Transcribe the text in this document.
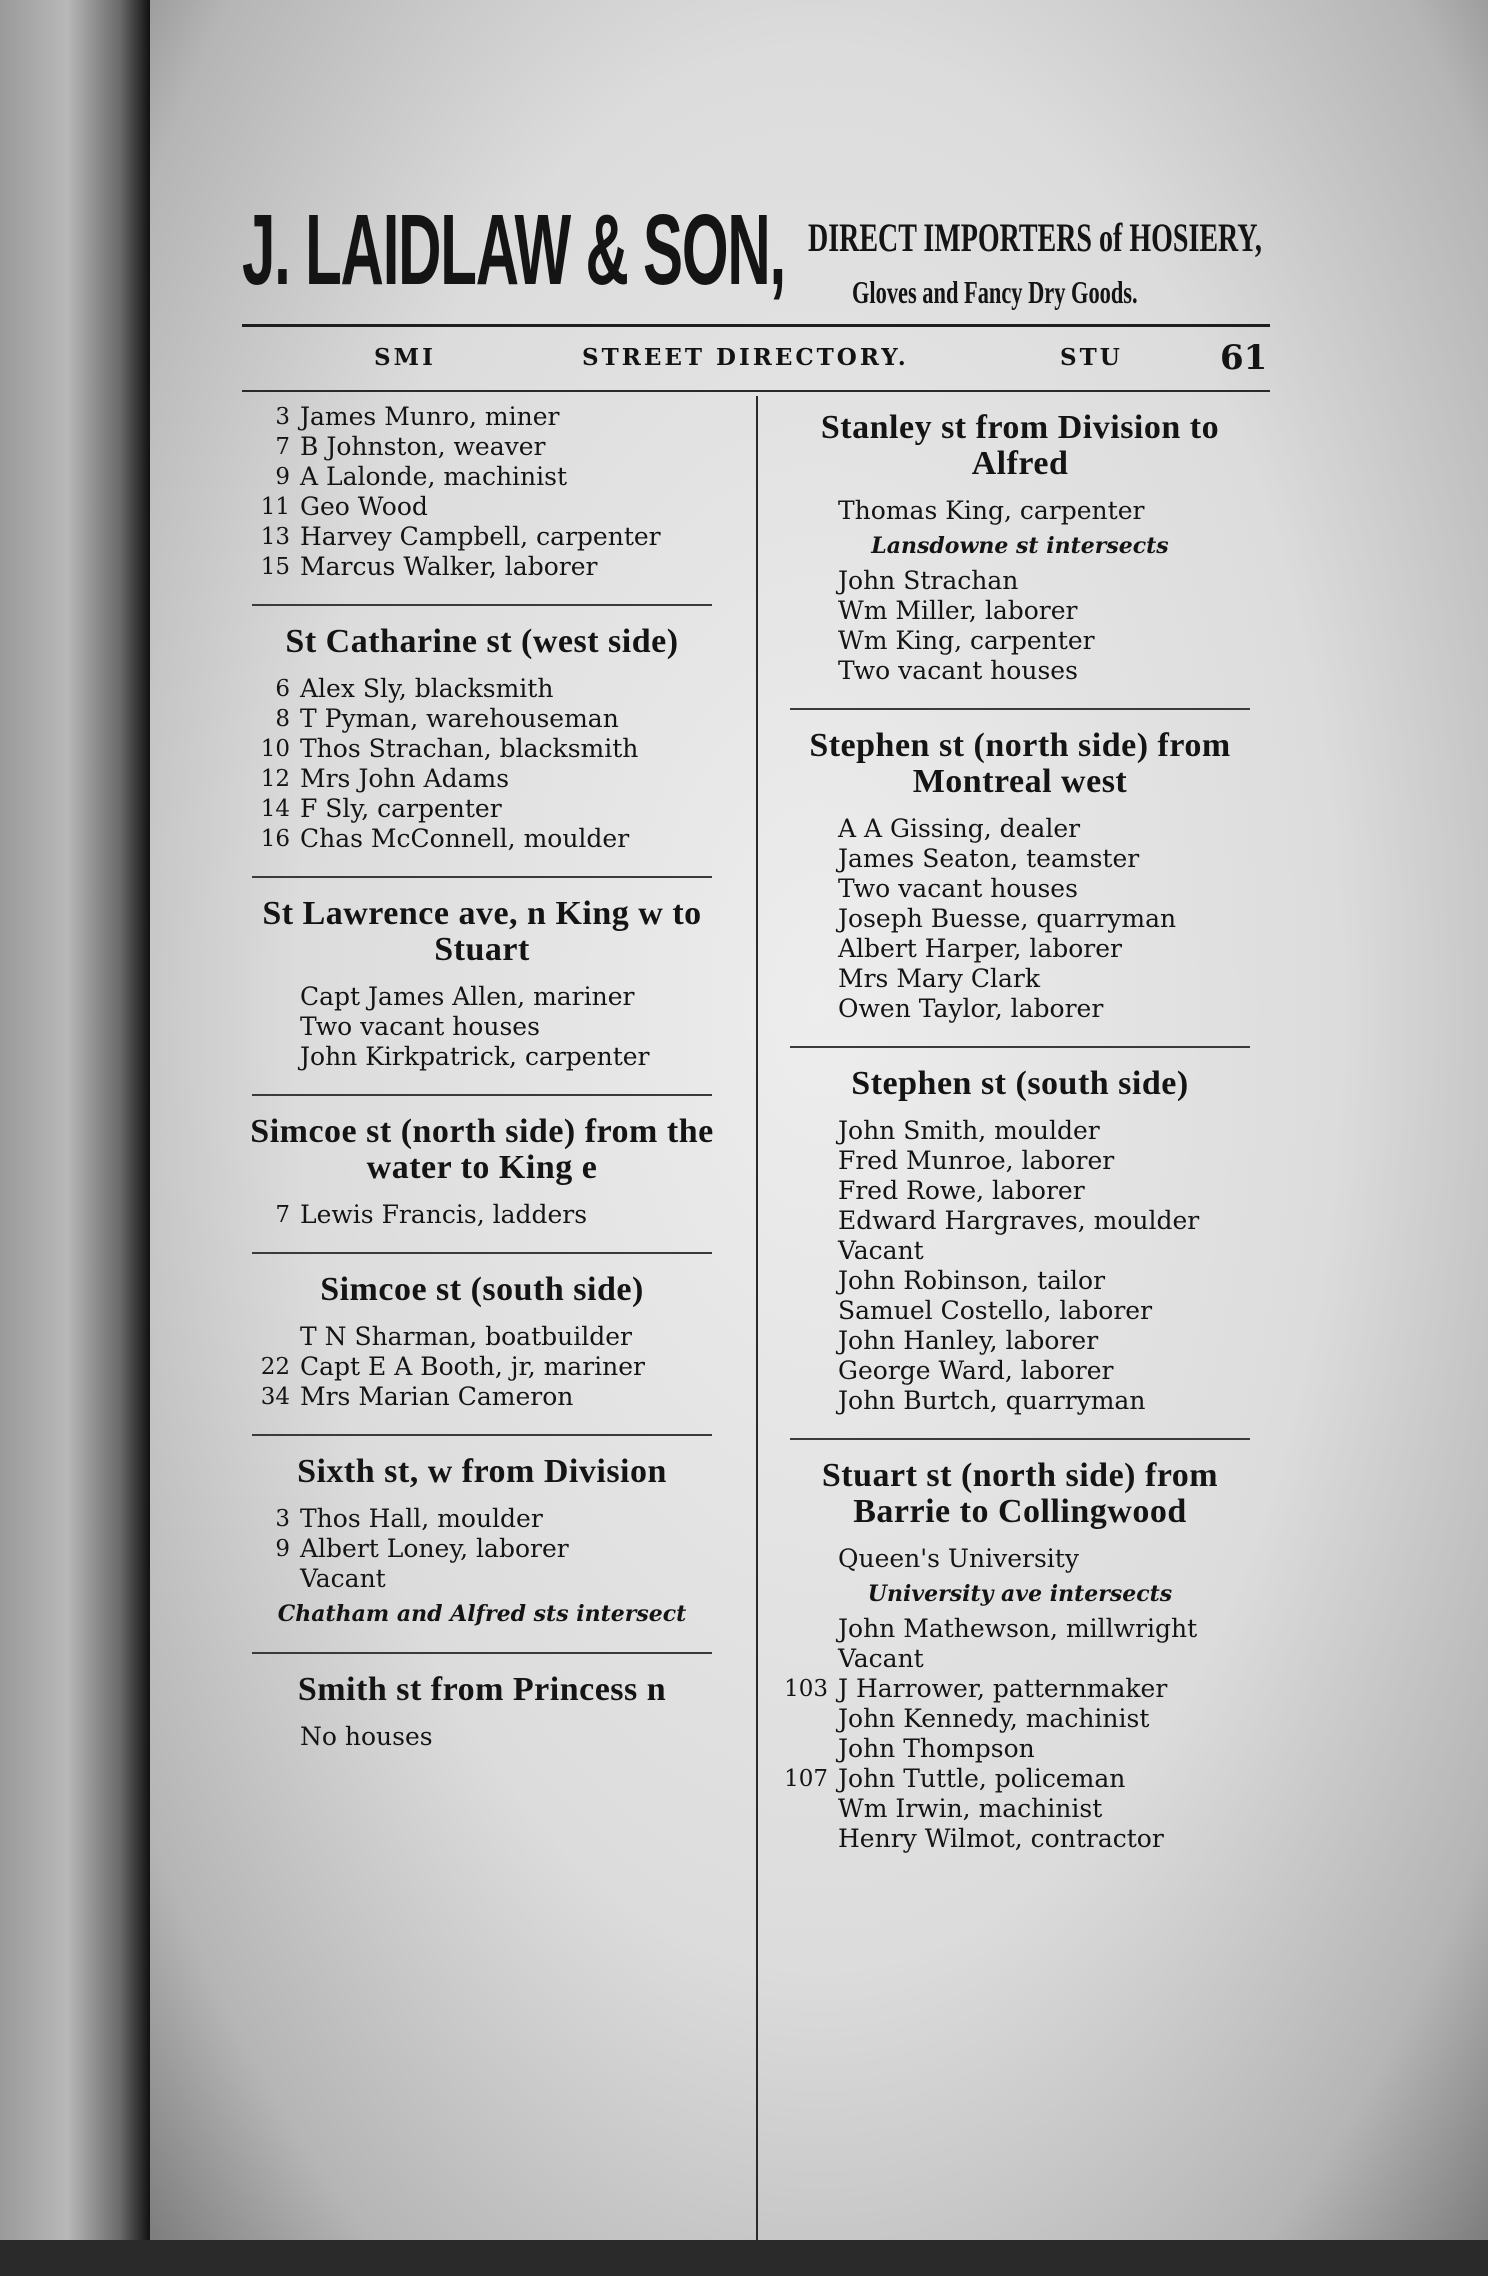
J. LAIDLAW & SON, DIRECT IMPORTERS of HOSIERY,
Gloves and Fancy Dry Goods.
SMI	STREET DIRECTORY.	STU	61
3 James Munro, miner
7 B Johnston, weaver
9 A Lalonde, machinist
11 Geo Wood
13 Harvey Campbell, carpenter
15 Marcus Walker, laborer
St Catharine st (west side)
6 Alex Sly, blacksmith
8 T Pyman, warehouseman
10 Thos Strachan, blacksmith
12 Mrs John Adams
14 F Sly, carpenter
16 Chas McConnell, moulder
St Lawrence ave, n King w to Stuart
Capt James Allen, mariner
Two vacant houses
John Kirkpatrick, carpenter
Simcoe st (north side) from the water to King e
7 Lewis Francis, ladders
Simcoe st (south side)
T N Sharman, boatbuilder
22 Capt E A Booth, jr, mariner
34 Mrs Marian Cameron
Sixth st, w from Division
3 Thos Hall, moulder
9 Albert Loney, laborer
Vacant
Chatham and Alfred sts intersect
Smith st from Princess n
No houses
Stanley st from Division to Alfred
Thomas King, carpenter
Lansdowne st intersects
John Strachan
Wm Miller, laborer
Wm King, carpenter
Two vacant houses
Stephen st (north side) from Montreal west
A A Gissing, dealer
James Seaton, teamster
Two vacant houses
Joseph Buesse, quarryman
Albert Harper, laborer
Mrs Mary Clark
Owen Taylor, laborer
Stephen st (south side)
John Smith, moulder
Fred Munroe, laborer
Fred Rowe, laborer
Edward Hargraves, moulder
Vacant
John Robinson, tailor
Samuel Costello, laborer
John Hanley, laborer
George Ward, laborer
John Burtch, quarryman
Stuart st (north side) from Barrie to Collingwood
Queen's University
University ave intersects
John Mathewson, millwright
Vacant
103 J Harrower, patternmaker
John Kennedy, machinist
John Thompson
107 John Tuttle, policeman
Wm Irwin, machinist
Henry Wilmot, contractor
